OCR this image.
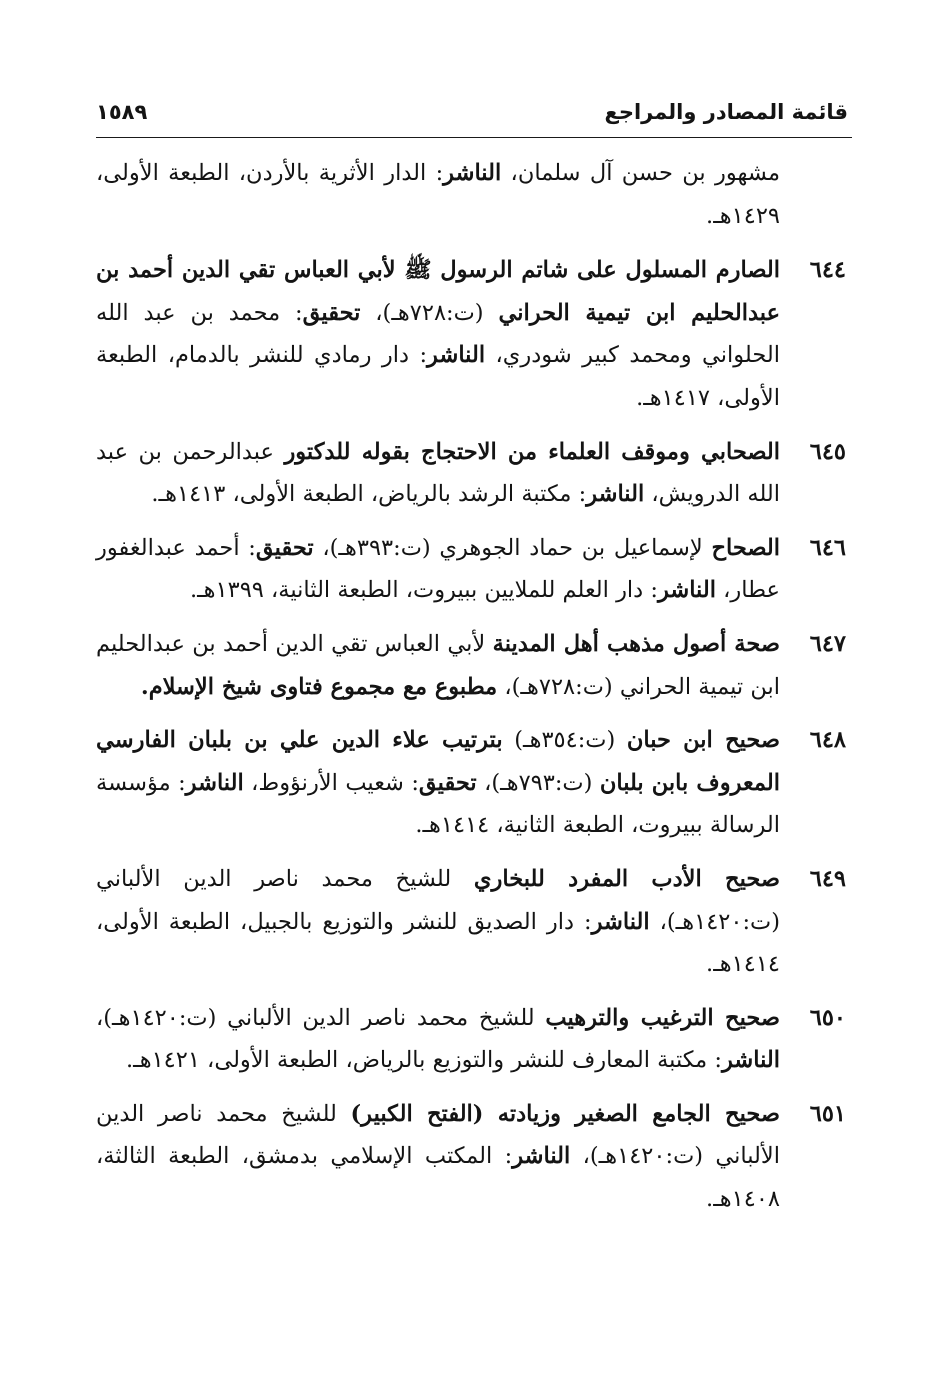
قائمة المصادر والمراجع
١٥٨٩
مشهور بن حسن آل سلمان، الناشر: الدار الأثرية بالأردن، الطبعة الأولى، ١٤٢٩هـ.
٦٤٤
الصارم المسلول على شاتم الرسول ﷺ لأبي العباس تقي الدين أحمد بن عبدالحليم ابن تيمية الحراني (ت:٧٢٨هـ)، تحقيق: محمد بن عبد الله الحلواني ومحمد كبير شودري، الناشر: دار رمادي للنشر بالدمام، الطبعة الأولى، ١٤١٧هـ.
٦٤٥
الصحابي وموقف العلماء من الاحتجاج بقوله للدكتور عبدالرحمن بن عبد الله الدرويش، الناشر: مكتبة الرشد بالرياض، الطبعة الأولى، ١٤١٣هـ.
٦٤٦
الصحاح لإسماعيل بن حماد الجوهري (ت:٣٩٣هـ)، تحقيق: أحمد عبدالغفور عطار، الناشر: دار العلم للملايين ببيروت، الطبعة الثانية، ١٣٩٩هـ.
٦٤٧
صحة أصول مذهب أهل المدينة لأبي العباس تقي الدين أحمد بن عبدالحليم ابن تيمية الحراني (ت:٧٢٨هـ)، مطبوع مع مجموع فتاوى شيخ الإسلام.
٦٤٨
صحيح ابن حبان (ت:٣٥٤هـ) بترتيب علاء الدين علي بن بلبان الفارسي المعروف بابن بلبان (ت:٧٩٣هـ)، تحقيق: شعيب الأرنؤوط، الناشر: مؤسسة الرسالة ببيروت، الطبعة الثانية، ١٤١٤هـ.
٦٤٩
صحيح الأدب المفرد للبخاري للشيخ محمد ناصر الدين الألباني (ت:١٤٢٠هـ)، الناشر: دار الصديق للنشر والتوزيع بالجبيل، الطبعة الأولى، ١٤١٤هـ.
٦٥٠
صحيح الترغيب والترهيب للشيخ محمد ناصر الدين الألباني (ت:١٤٢٠هـ)، الناشر: مكتبة المعارف للنشر والتوزيع بالرياض، الطبعة الأولى، ١٤٢١هـ.
٦٥١
صحيح الجامع الصغير وزيادته (الفتح الكبير) للشيخ محمد ناصر الدين الألباني (ت:١٤٢٠هـ)، الناشر: المكتب الإسلامي بدمشق، الطبعة الثالثة، ١٤٠٨هـ.
